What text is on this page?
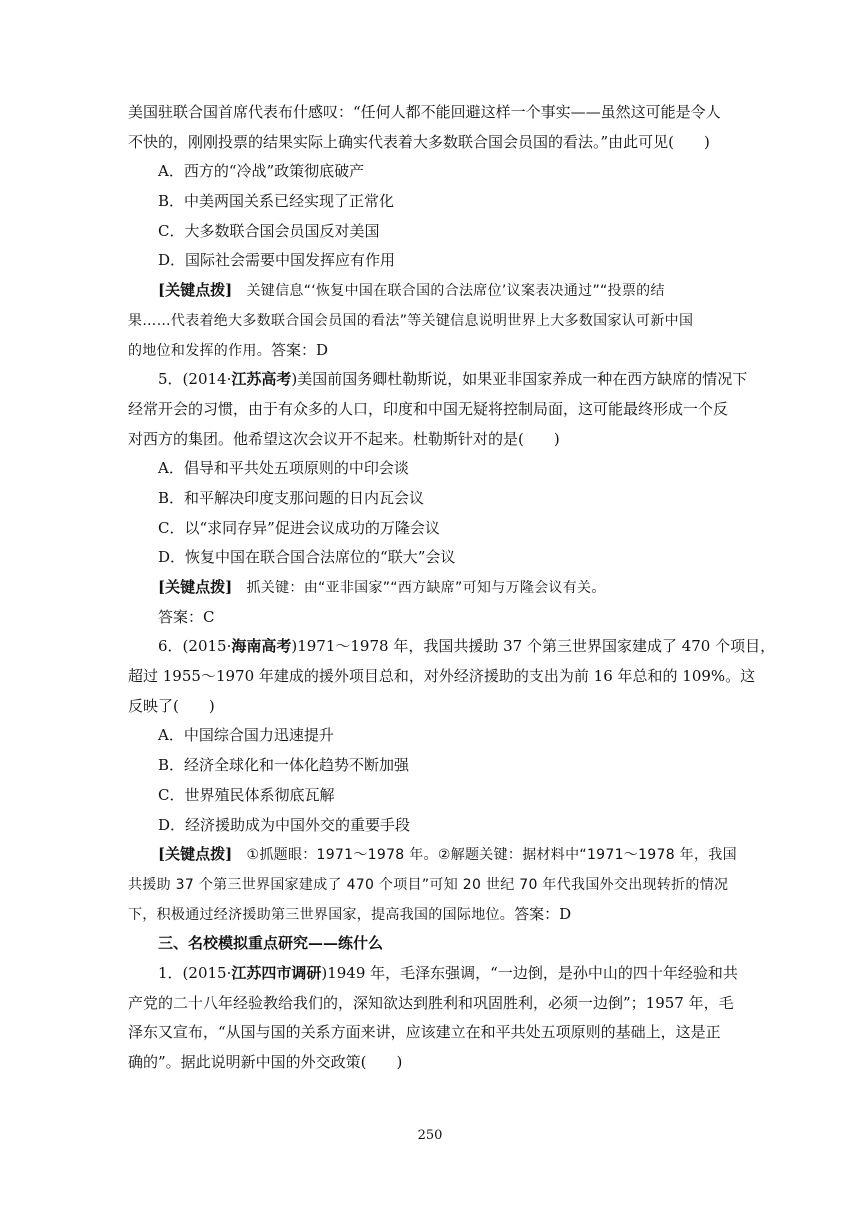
美国驻联合国首席代表布什感叹：“任何人都不能回避这样一个事实——虽然这可能是令人
不快的，刚刚投票的结果实际上确实代表着大多数联合国会员国的看法。”由此可见(　　)
A．西方的“冷战”政策彻底破产
B．中美两国关系已经实现了正常化
C．大多数联合国会员国反对美国
D．国际社会需要中国发挥应有作用
[关键点拨]　关键信息“‘恢复中国在联合国的合法席位’议案表决通过”“投票的结
果……代表着绝大多数联合国会员国的看法”等关键信息说明世界上大多数国家认可新中国
的地位和发挥的作用。答案：D
5．(2014·江苏高考)美国前国务卿杜勒斯说，如果亚非国家养成一种在西方缺席的情况下
经常开会的习惯，由于有众多的人口，印度和中国无疑将控制局面，这可能最终形成一个反
对西方的集团。他希望这次会议开不起来。杜勒斯针对的是(　　)
A．倡导和平共处五项原则的中印会谈
B．和平解决印度支那问题的日内瓦会议
C．以“求同存异”促进会议成功的万隆会议
D．恢复中国在联合国合法席位的“联大”会议
[关键点拨]　抓关键：由“亚非国家”“西方缺席”可知与万隆会议有关。
答案：C
6．(2015·海南高考)1971～1978 年，我国共援助 37 个第三世界国家建成了 470 个项目，
超过 1955～1970 年建成的援外项目总和，对外经济援助的支出为前 16 年总和的 109%。这
反映了(　　)
A．中国综合国力迅速提升
B．经济全球化和一体化趋势不断加强
C．世界殖民体系彻底瓦解
D．经济援助成为中国外交的重要手段
[关键点拨]　①抓题眼：1971～1978 年。②解题关键：据材料中“1971～1978 年，我国
共援助 37 个第三世界国家建成了 470 个项目”可知 20 世纪 70 年代我国外交出现转折的情况
下，积极通过经济援助第三世界国家，提高我国的国际地位。答案：D
三、名校模拟重点研究——练什么
1．(2015·江苏四市调研)1949 年，毛泽东强调，“一边倒，是孙中山的四十年经验和共
产党的二十八年经验教给我们的，深知欲达到胜利和巩固胜利，必须一边倒”；1957 年，毛
泽东又宣布，“从国与国的关系方面来讲，应该建立在和平共处五项原则的基础上，这是正
确的”。据此说明新中国的外交政策(　　)
250
